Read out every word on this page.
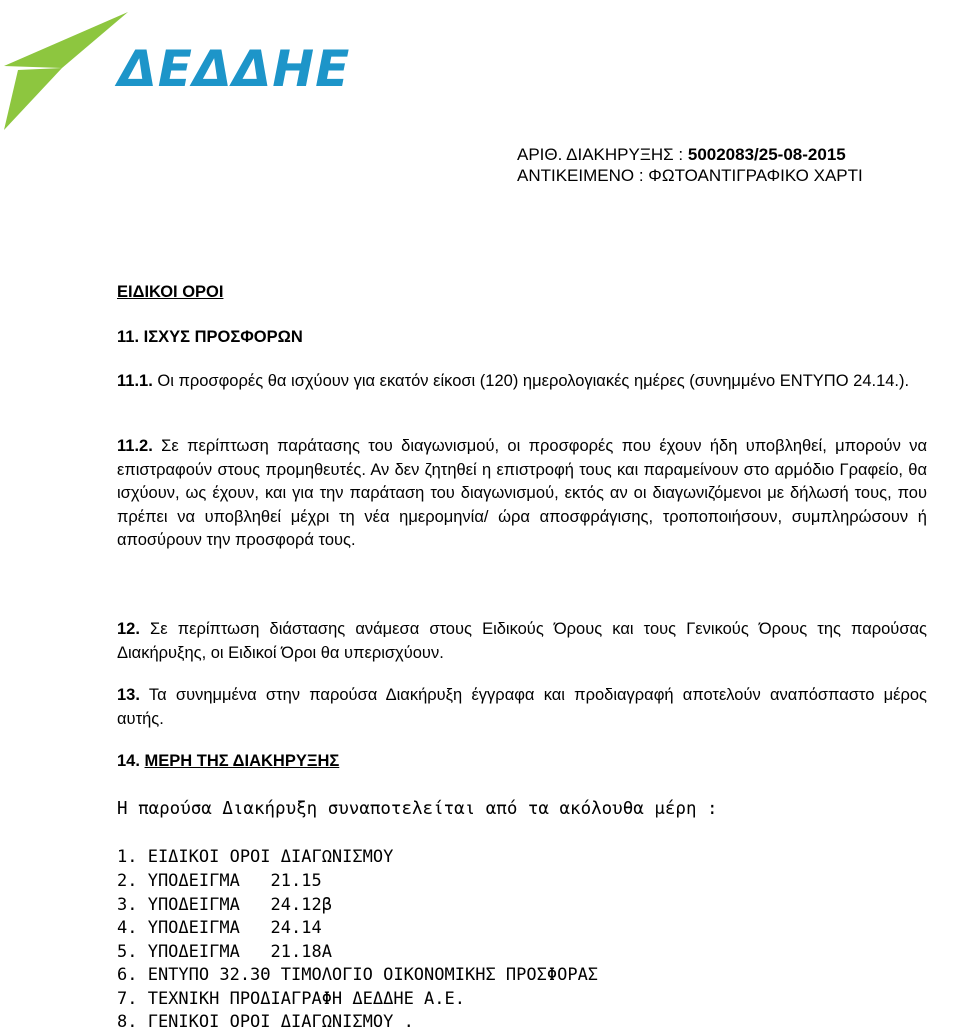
ΔΕΔΔΗΕ
ΑΡΙΘ. ΔΙΑΚΗΡΥΞΗΣ : 5002083/25-08-2015
ΑΝΤΙΚΕΙΜΕΝΟ : ΦΩΤΟΑΝΤΙΓΡΑΦΙΚΟ ΧΑΡΤΙ
ΕΙΔΙΚΟΙ ΟΡΟΙ
11. ΙΣΧΥΣ ΠΡΟΣΦΟΡΩΝ
11.1. Οι προσφορές θα ισχύουν για εκατόν είκοσι (120) ημερολογιακές ημέρες (συνημμένο ΕΝΤΥΠΟ 24.14.).
11.2. Σε περίπτωση παράτασης του διαγωνισμού, οι προσφορές που έχουν ήδη υποβληθεί, μπορούν να επιστραφούν στους προμηθευτές. Αν δεν ζητηθεί η επιστροφή τους και παραμείνουν στο αρμόδιο Γραφείο, θα ισχύουν, ως έχουν, και για την παράταση του διαγωνισμού, εκτός αν οι διαγωνιζόμενοι με δήλωσή τους, που πρέπει να υποβληθεί μέχρι τη νέα ημερομηνία/ ώρα αποσφράγισης, τροποποιήσουν, συμπληρώσουν ή αποσύρουν την προσφορά τους.
12. Σε περίπτωση διάστασης ανάμεσα στους Ειδικούς Όρους και τους Γενικούς Όρους της παρούσας Διακήρυξης, οι Ειδικοί Όροι θα υπερισχύουν.
13. Τα συνημμένα στην παρούσα Διακήρυξη έγγραφα και προδιαγραφή αποτελούν αναπόσπαστο μέρος αυτής.
14. ΜΕΡΗ ΤΗΣ ΔΙΑΚΗΡΥΞΗΣ
Η παρούσα Διακήρυξη συναποτελείται από τα ακόλουθα μέρη :
1. ΕΙΔΙΚΟΙ ΟΡΟΙ ΔΙΑΓΩΝΙΣΜΟΥ
2. ΥΠΟΔΕΙΓΜΑ   21.15
3. ΥΠΟΔΕΙΓΜΑ   24.12β
4. ΥΠΟΔΕΙΓΜΑ   24.14
5. ΥΠΟΔΕΙΓΜΑ   21.18Α
6. ΕΝΤΥΠΟ 32.3Θ ΤΙΜΟΛΟΓΙΟ ΟΙΚΟΝΟΜΙΚΗΣ ΠΡΟΣΦΟΡΑΣ
7. ΤΕΧΝΙΚΗ ΠΡΟΔΙΑΓΡΑΦΗ ΔΕΔΔΗΕ Α.Ε.
8. ΓΕΝΙΚΟΙ ΟΡΟΙ ΔΙΑΓΩΝΙΣΜΟΥ .
